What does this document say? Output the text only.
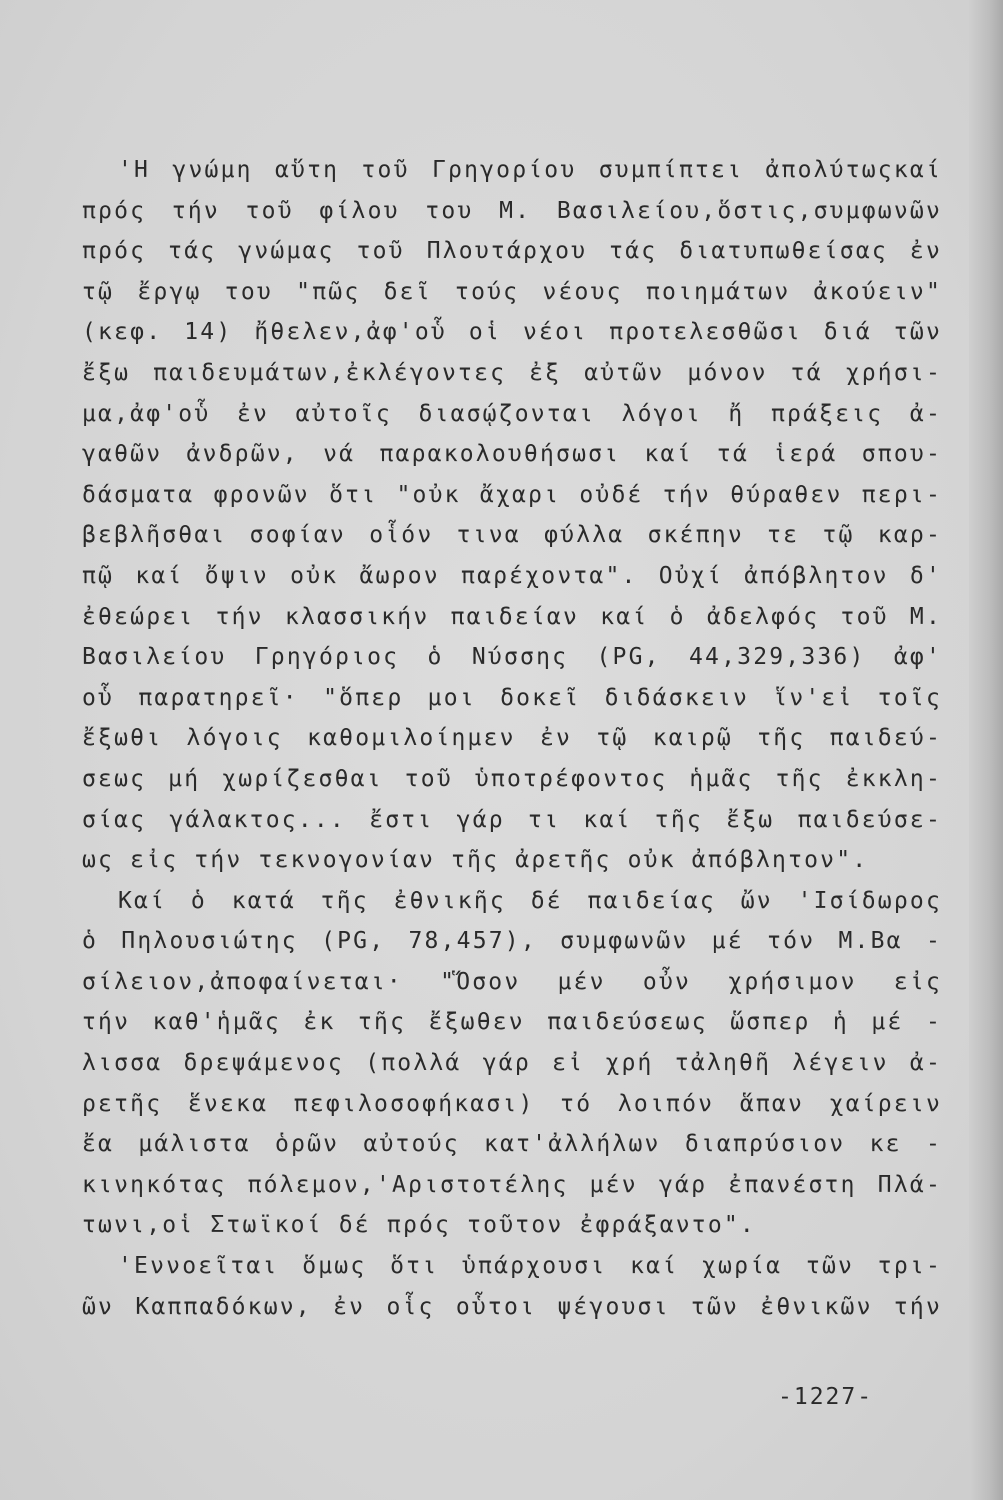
'Η γνώμη αὕτη τοῦ Γρηγορίου συμπίπτει ἀπολύτωςκαί
πρός τήν τοῦ φίλου του Μ. Βασιλείου,ὅστις,συμφωνῶν
πρός τάς γνώμας τοῦ Πλουτάρχου τάς διατυπωθείσας ἐν
τῷ ἔργῳ του "πῶς δεῖ τούς νέους ποιημάτων ἀκούειν"
(κεφ. 14) ἤθελεν,ἀφ'οὗ οἱ νέοι προτελεσθῶσι διά τῶν
ἔξω παιδευμάτων,ἐκλέγοντες ἐξ αὐτῶν μόνον τά χρήσι-
μα,ἀφ'οὗ ἐν αὐτοῖς διασῴζονται λόγοι ἤ πράξεις ἀ-
γαθῶν ἀνδρῶν, νά παρακολουθήσωσι καί τά ἱερά σπου-
δάσματα φρονῶν ὅτι "οὐκ ἄχαρι οὐδέ τήν θύραθεν περι-
βεβλῆσθαι σοφίαν οἷόν τινα φύλλα σκέπην τε τῷ καρ-
πῷ καί ὄψιν οὐκ ἄωρον παρέχοντα". Οὐχί ἀπόβλητον δ'
ἐθεώρει τήν κλασσικήν παιδείαν καί ὁ ἀδελφός τοῦ Μ.
Βασιλείου Γρηγόριος ὁ Νύσσης (PG, 44,329,336) ἀφ'
οὗ παρατηρεῖ· "ὅπερ μοι δοκεῖ διδάσκειν ἵν'εἰ τοῖς
ἔξωθι λόγοις καθομιλοίημεν ἐν τῷ καιρῷ τῆς παιδεύ-
σεως μή χωρίζεσθαι τοῦ ὑποτρέφοντος ἡμᾶς τῆς ἐκκλη-
σίας γάλακτος... ἔστι γάρ τι καί τῆς ἔξω παιδεύσε-
ως εἰς τήν τεκνογονίαν τῆς ἀρετῆς οὐκ ἀπόβλητον".
Καί ὁ κατά τῆς ἐθνικῆς δέ παιδείας ὤν 'Ισίδωρος
ὁ Πηλουσιώτης (PG, 78,457), συμφωνῶν μέ τόν Μ.Βα -
σίλειον,ἀποφαίνεται· "Ὅσον μέν οὖν χρήσιμον εἰς
τήν καθ'ἡμᾶς ἐκ τῆς ἔξωθεν παιδεύσεως ὥσπερ ἡ μέ -
λισσα δρεψάμενος (πολλά γάρ εἰ χρή τἀληθῆ λέγειν ἀ-
ρετῆς ἕνεκα πεφιλοσοφήκασι) τό λοιπόν ἅπαν χαίρειν
ἔα μάλιστα ὁρῶν αὐτούς κατ'ἀλλήλων διαπρύσιον κε -
κινηκότας πόλεμον,'Αριστοτέλης μέν γάρ ἐπανέστη Πλά-
τωνι,οἱ Στωϊκοί δέ πρός τοῦτον ἐφράξαντο".
'Εννοεῖται ὅμως ὅτι ὑπάρχουσι καί χωρία τῶν τρι-
ῶν Καππαδόκων, ἐν οἷς οὗτοι ψέγουσι τῶν ἐθνικῶν τήν
-1227-
